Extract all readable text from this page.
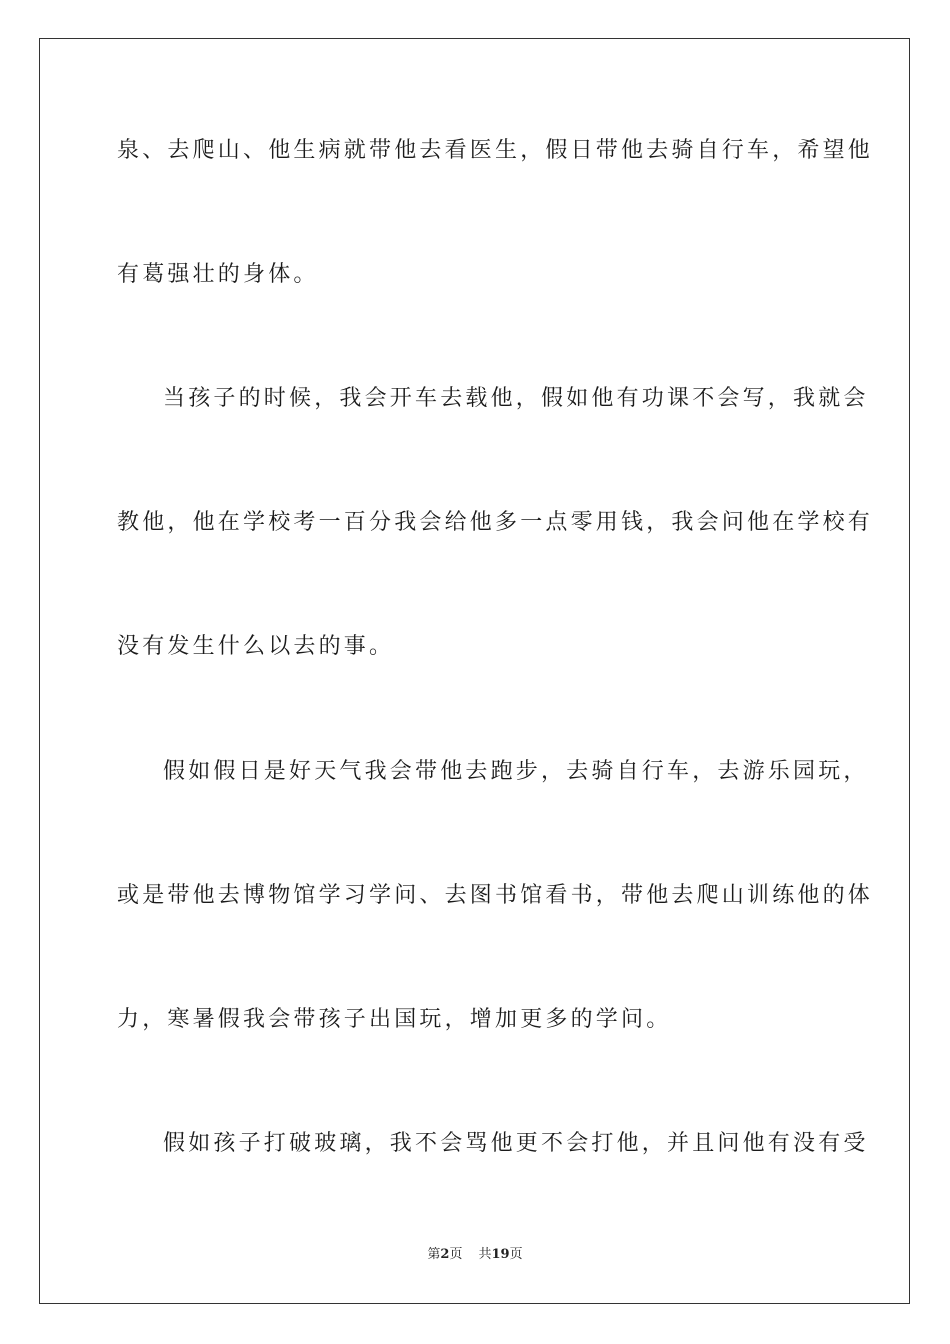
泉、去爬山、他生病就带他去看医生，假日带他去骑自行车，希望他
有葛强壮的身体。
当孩子的时候，我会开车去载他，假如他有功课不会写，我就会
教他，他在学校考一百分我会给他多一点零用钱，我会问他在学校有
没有发生什么以去的事。
假如假日是好天气我会带他去跑步，去骑自行车，去游乐园玩，
或是带他去博物馆学习学问、去图书馆看书，带他去爬山训练他的体
力，寒暑假我会带孩子出国玩，增加更多的学问。
假如孩子打破玻璃，我不会骂他更不会打他，并且问他有没有受
第2页 共19页
